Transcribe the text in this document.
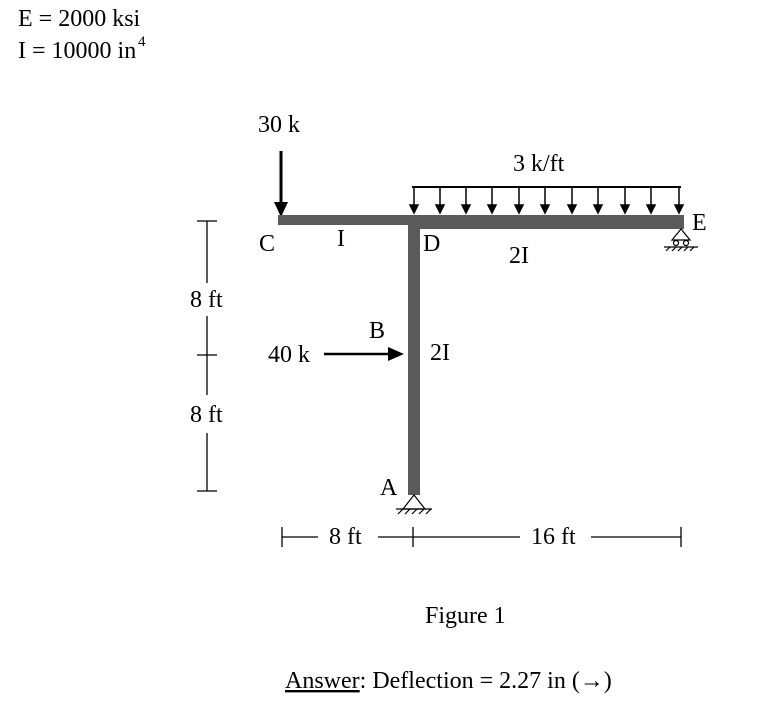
E = 2000 ksi
I = 10000 in 4
30 k
3 k/ft
C	D
E
B
A
I
2I
2I
40 k
8 ft
8 ft
8 ft	16 ft
Figure 1
Answer: Deflection = 2.27 in (→)
